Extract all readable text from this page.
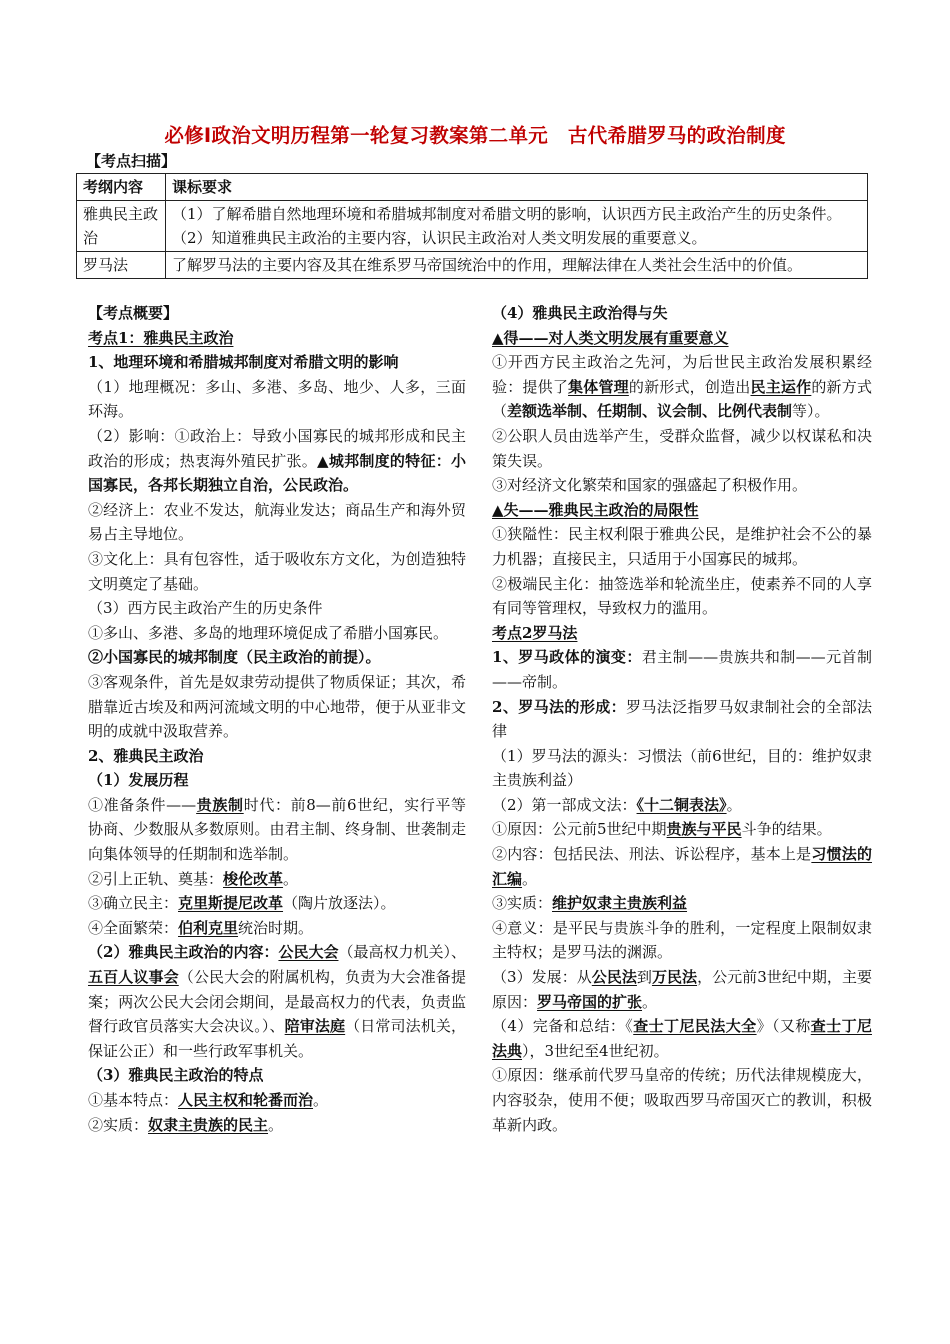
必修Ⅰ政治文明历程第一轮复习教案第二单元　古代希腊罗马的政治制度
【考点扫描】
考纲内容	课标要求
雅典民主政治	（1）了解希腊自然地理环境和希腊城邦制度对希腊文明的影响，认识西方民主政治产生的历史条件。（2）知道雅典民主政治的主要内容，认识民主政治对人类文明发展的重要意义。
罗马法	了解罗马法的主要内容及其在维系罗马帝国统治中的作用，理解法律在人类社会生活中的价值。

【考点概要】

考点1：雅典民主政治

1、地理环境和希腊城邦制度对希腊文明的影响

（1）地理概况：多山、多港、多岛、地少、人多，三面环海。

（2）影响：①政治上：导致小国寡民的城邦形成和民主政治的形成；热衷海外殖民扩张。▲城邦制度的特征：小国寡民，各邦长期独立自治，公民政治。

②经济上：农业不发达，航海业发达；商品生产和海外贸易占主导地位。

③文化上：具有包容性，适于吸收东方文化，为创造独特文明奠定了基础。

（3）西方民主政治产生的历史条件

①多山、多港、多岛的地理环境促成了希腊小国寡民。

②小国寡民的城邦制度（民主政治的前提）。

③客观条件，首先是奴隶劳动提供了物质保证；其次，希腊靠近古埃及和两河流域文明的中心地带，便于从亚非文明的成就中汲取营养。

2、雅典民主政治

（1）发展历程

①准备条件——贵族制时代：前8—前6世纪，实行平等协商、少数服从多数原则。由君主制、终身制、世袭制走向集体领导的任期制和选举制。

②引上正轨、奠基：梭伦改革。

③确立民主：克里斯提尼改革（陶片放逐法）。

④全面繁荣：伯利克里统治时期。

（2）雅典民主政治的内容：公民大会（最高权力机关）、五百人议事会（公民大会的附属机构，负责为大会准备提案；两次公民大会闭会期间，是最高权力的代表，负责监督行政官员落实大会决议。）、陪审法庭（日常司法机关，保证公正）和一些行政军事机关。

（3）雅典民主政治的特点

①基本特点：人民主权和轮番而治。

②实质：奴隶主贵族的民主。

（4）雅典民主政治得与失

▲得——对人类文明发展有重要意义

①开西方民主政治之先河，为后世民主政治发展积累经验：提供了集体管理的新形式，创造出民主运作的新方式（差额选举制、任期制、议会制、比例代表制等）。

②公职人员由选举产生，受群众监督，减少以权谋私和决策失误。

③对经济文化繁荣和国家的强盛起了积极作用。

▲失——雅典民主政治的局限性

①狭隘性：民主权利限于雅典公民，是维护社会不公的暴力机器；直接民主，只适用于小国寡民的城邦。

②极端民主化：抽签选举和轮流坐庄，使素养不同的人享有同等管理权，导致权力的滥用。

考点2罗马法

1、罗马政体的演变：君主制——贵族共和制——元首制——帝制。

2、罗马法的形成：罗马法泛指罗马奴隶制社会的全部法律

（1）罗马法的源头：习惯法（前6世纪，目的：维护奴隶主贵族利益）

（2）第一部成文法：《十二铜表法》。

①原因：公元前5世纪中期贵族与平民斗争的结果。

②内容：包括民法、刑法、诉讼程序，基本上是习惯法的汇编。

③实质：维护奴隶主贵族利益

④意义：是平民与贵族斗争的胜利，一定程度上限制奴隶主特权；是罗马法的渊源。

（3）发展：从公民法到万民法，公元前3世纪中期，主要原因：罗马帝国的扩张。

（4）完备和总结：《查士丁尼民法大全》（又称查士丁尼法典），3世纪至4世纪初。

①原因：继承前代罗马皇帝的传统；历代法律规模庞大，内容驳杂，使用不便；吸取西罗马帝国灭亡的教训，积极革新内政。
